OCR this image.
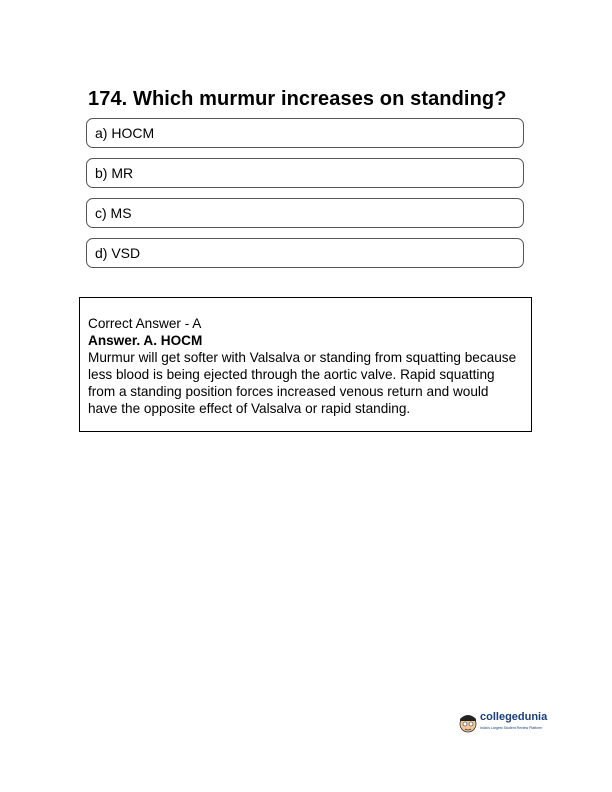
174. Which murmur increases on standing?
a) HOCM
b) MR
c) MS
d) VSD
Correct Answer - A
Answer. A. HOCM
Murmur will get softer with Valsalva or standing from squatting because less blood is being ejected through the aortic valve. Rapid squatting from a standing position forces increased venous return and would have the opposite effect of Valsalva or rapid standing.
collegedunia
India's Largest Student Review Platform
